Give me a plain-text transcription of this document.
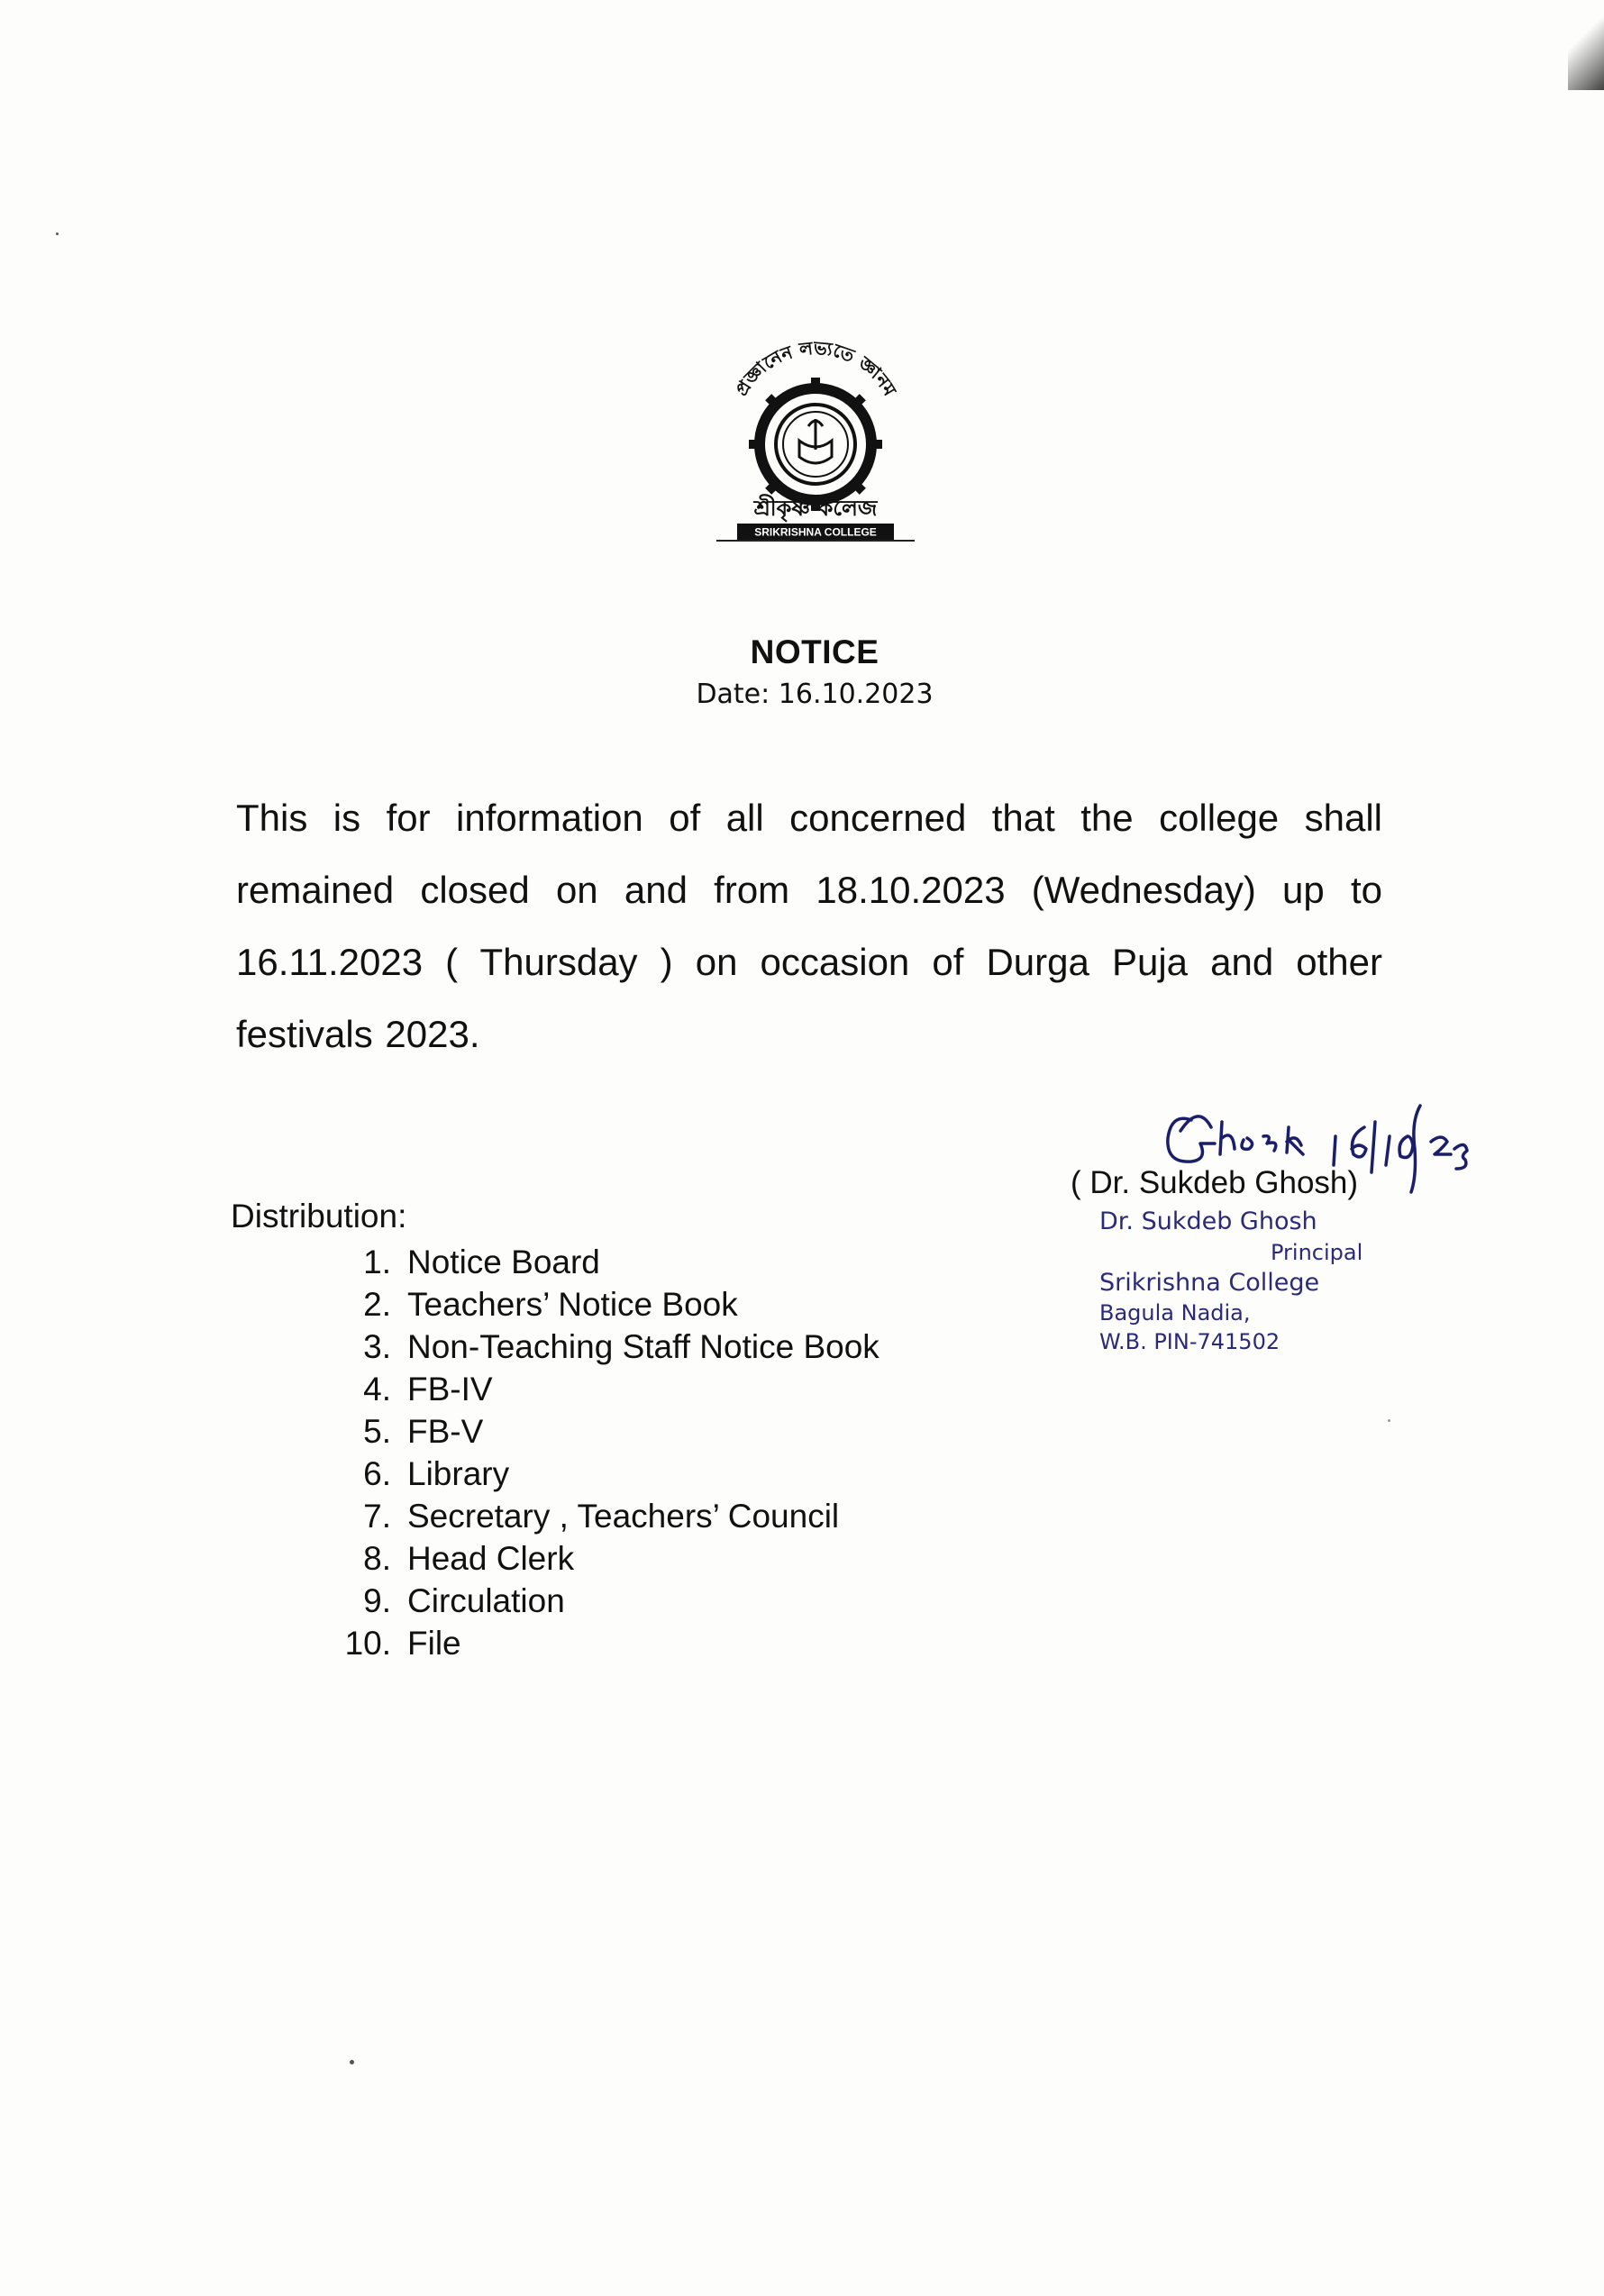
প্রজ্ঞানেন লভ্যতে জ্ঞানম
শ্রীকৃষ্ণ কলেজ
SRIKRISHNA COLLEGE
NOTICE
Date: 16.10.2023
This is for information of all concerned that the college shall remained closed on and from 18.10.2023 (Wednesday) up to 16.11.2023 ( Thursday ) on occasion of Durga Puja and other festivals 2023.
Distribution:
1. Notice Board
2. Teachers’ Notice Book
3. Non-Teaching Staff Notice Book
4. FB-IV
5. FB-V
6. Library
7. Secretary , Teachers’ Council
8. Head Clerk
9. Circulation
10. File
( Dr. Sukdeb Ghosh)
Dr. Sukdeb Ghosh
Principal
Srikrishna College
Bagula Nadia,
W.B. PIN-741502
